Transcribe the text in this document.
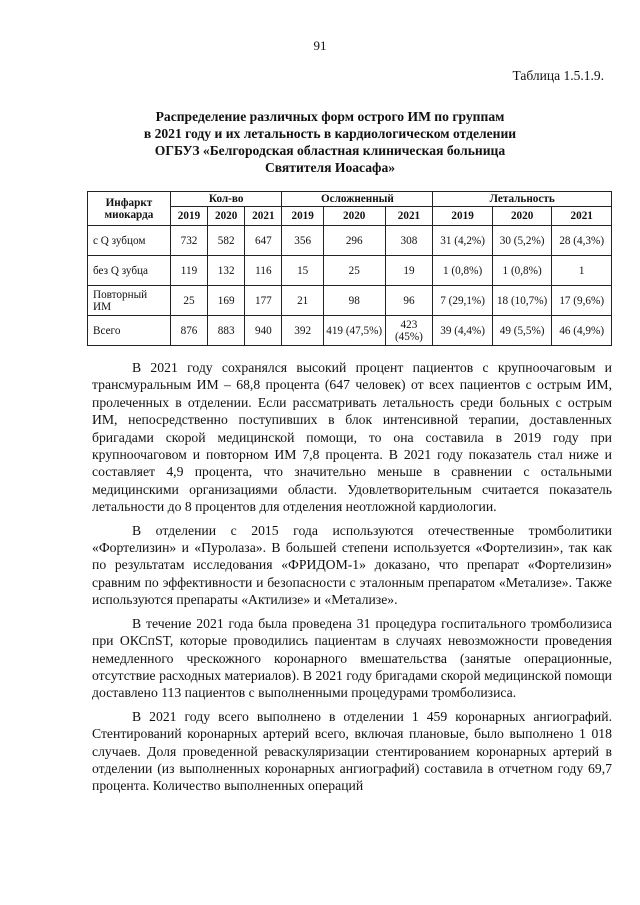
91
Таблица 1.5.1.9.
Распределение различных форм острого ИМ по группам
в 2021 году и их летальность в кардиологическом отделении
ОГБУЗ «Белгородская областная клиническая больница
Святителя Иоасафа»
Инфаркт миокарда	Кол-во			Осложненный			Летальность		
	2019	2020	2021	2019	2020	2021	2019	2020	2021
с Q зубцом	732	582	647	356	296	308	31 (4,2%)	30 (5,2%)	28 (4,3%)
без Q зубца	119	132	116	15	25	19	1 (0,8%)	1 (0,8%)	1
Повторный ИМ	25	169	177	21	98	96	7 (29,1%)	18 (10,7%)	17 (9,6%)
Всего	876	883	940	392	419 (47,5%)	423 (45%)	39 (4,4%)	49 (5,5%)	46 (4,9%)

В 2021 году сохранялся высокий процент пациентов с крупноочаговым и трансмуральным ИМ – 68,8 процента (647 человек) от всех пациентов с острым ИМ, пролеченных в отделении. Если рассматривать летальность среди больных с острым ИМ, непосредственно поступивших в блок интенсивной терапии, доставленных бригадами скорой медицинской помощи, то она составила в 2019 году при крупноочаговом и повторном ИМ 7,8 процента. В 2021 году показатель стал ниже и составляет 4,9 процента, что значительно меньше в сравнении с остальными медицинскими организациями области. Удовлетворительным считается показатель летальности до 8 процентов для отделения неотложной кардиологии.

В отделении с 2015 года используются отечественные тромболитики «Фортелизин» и «Пуролаза». В большей степени используется «Фортелизин», так как по результатам исследования «ФРИДОМ-1» доказано, что препарат «Фортелизин» сравним по эффективности и безопасности с эталонным препаратом «Метализе». Также используются препараты «Актилизе» и «Метализе».

В течение 2021 года была проведена 31 процедура госпитального тромболизиса при ОКСпST, которые проводились пациентам в случаях невозможности проведения немедленного чрескожного коронарного вмешательства (занятые операционные, отсутствие расходных материалов). В 2021 году бригадами скорой медицинской помощи доставлено 113 пациентов с выполненными процедурами тромболизиса.

В 2021 году всего выполнено в отделении 1 459 коронарных ангиографий. Стентирований коронарных артерий всего, включая плановые, было выполнено 1 018 случаев. Доля проведенной реваскуляризации стентированием коронарных артерий в отделении (из выполненных коронарных ангиографий) составила в отчетном году 69,7 процента. Количество выполненных операций
